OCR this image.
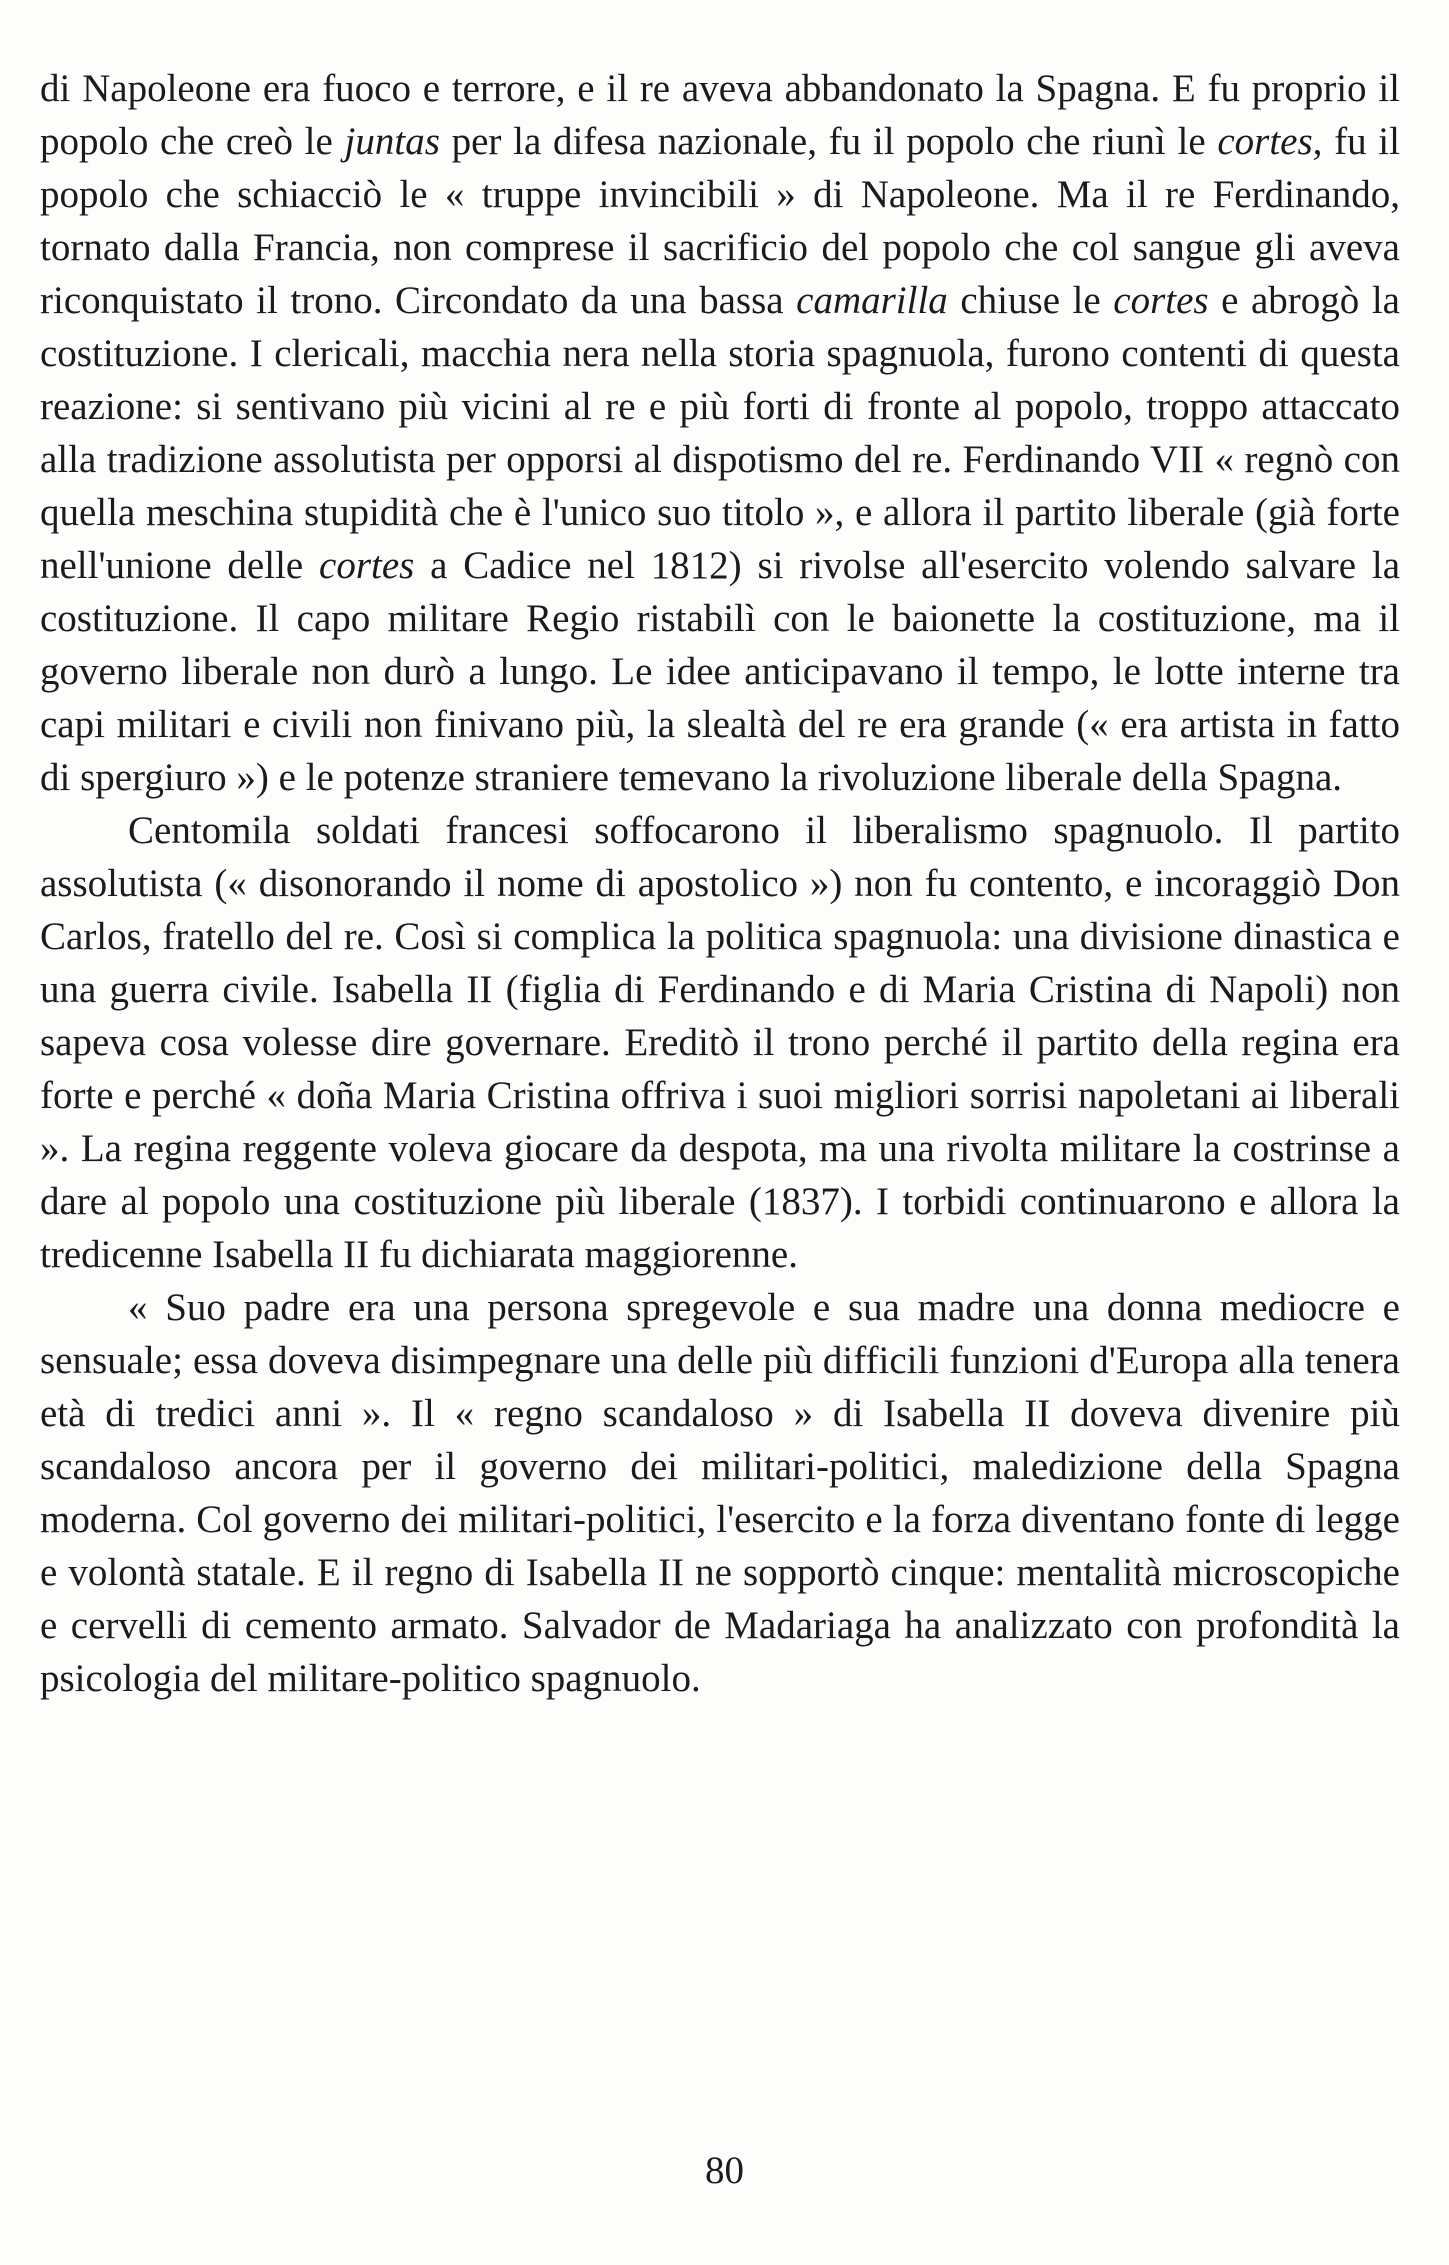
di Napoleone era fuoco e terrore, e il re aveva abbandonato la Spagna. E fu proprio il popolo che creò le juntas per la difesa nazionale, fu il popolo che riunì le cortes, fu il popolo che schiacciò le « truppe invincibili » di Napoleone. Ma il re Ferdinando, tornato dalla Francia, non comprese il sacrificio del popolo che col sangue gli aveva riconquistato il trono. Circondato da una bassa camarilla chiuse le cortes e abrogò la costituzione. I clericali, macchia nera nella storia spagnuola, furono contenti di questa reazione: si sentivano più vicini al re e più forti di fronte al popolo, troppo attaccato alla tradizione assolutista per opporsi al dispotismo del re. Ferdinando VII « regnò con quella meschina stupidità che è l'unico suo titolo », e allora il partito liberale (già forte nell'unione delle cortes a Cadice nel 1812) si rivolse all'esercito volendo salvare la costituzione. Il capo militare Regio ristabilì con le baionette la costituzione, ma il governo liberale non durò a lungo. Le idee anticipavano il tempo, le lotte interne tra capi militari e civili non finivano più, la slealtà del re era grande (« era artista in fatto di spergiuro ») e le potenze straniere temevano la rivoluzione liberale della Spagna.

Centomila soldati francesi soffocarono il liberalismo spagnuolo. Il partito assolutista (« disonorando il nome di apostolico ») non fu contento, e incoraggiò Don Carlos, fratello del re. Così si complica la politica spagnuola: una divisione dinastica e una guerra civile. Isabella II (figlia di Ferdinando e di Maria Cristina di Napoli) non sapeva cosa volesse dire governare. Ereditò il trono perché il partito della regina era forte e perché « doña Maria Cristina offriva i suoi migliori sorrisi napoletani ai liberali ». La regina reggente voleva giocare da despota, ma una rivolta militare la costrinse a dare al popolo una costituzione più liberale (1837). I torbidi continuarono e allora la tredicenne Isabella II fu dichiarata maggiorenne.

« Suo padre era una persona spregevole e sua madre una donna mediocre e sensuale; essa doveva disimpegnare una delle più difficili funzioni d'Europa alla tenera età di tredici anni ». Il « regno scandaloso » di Isabella II doveva divenire più scandaloso ancora per il governo dei militari-politici, maledizione della Spagna moderna. Col governo dei militari-politici, l'esercito e la forza diventano fonte di legge e volontà statale. E il regno di Isabella II ne sopportò cinque: mentalità microscopiche e cervelli di cemento armato. Salvador de Madariaga ha analizzato con profondità la psicologia del militare-politico spagnuolo.

80
